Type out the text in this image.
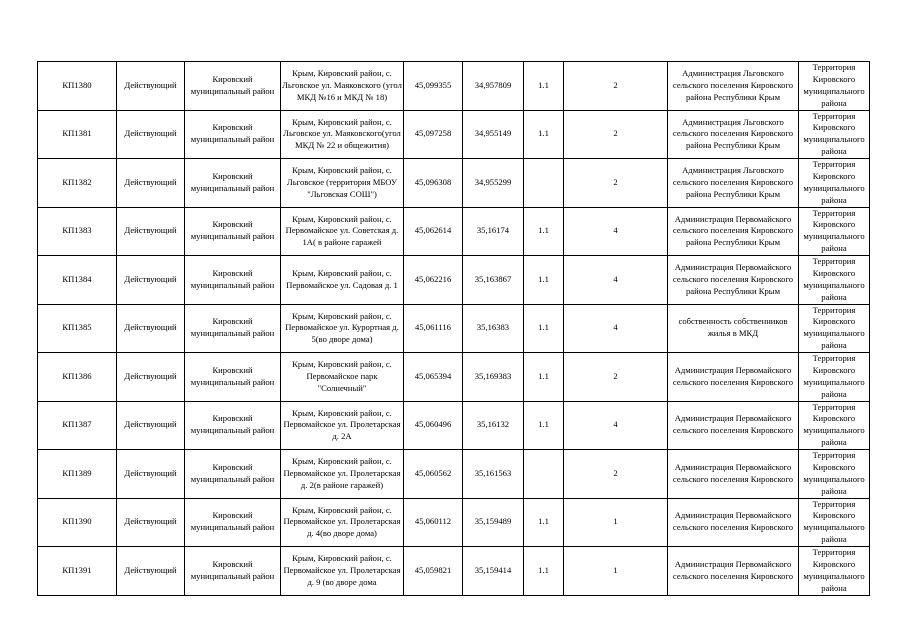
КП1380	Действующий	Кировский муниципальный район	Крым, Кировский район, с. Льговское ул. Маяковского (угол МКД №16 и МКД № 18)	45,099355	34,957809	1.1	2	Администрация Льговского сельского поселения Кировского района Республики Крым	Территория Кировского муниципального района
КП1381	Действующий	Кировский муниципальный район	Крым, Кировский район, с. Льговское ул. Маяковского(угол МКД № 22 и общежития)	45,097258	34,955149	1.1	2	Администрация Льговского сельского поселения Кировского района Республики Крым	Территория Кировского муниципального района
КП1382	Действующий	Кировский муниципальный район	Крым, Кировский район, с. Льговское (территория МБОУ "Льговская СОШ")	45,096308	34,955299		2	Администрация Льговского сельского поселения Кировского района Республики Крым	Территория Кировского муниципального района
КП1383	Действующий	Кировский муниципальный район	Крым, Кировский район, с. Первомайское ул. Советская д. 1А( в районе гаражей	45,062614	35,16174	1.1	4	Администрация Первомайского сельского поселения Кировского района Республики Крым	Территория Кировского муниципального района
КП1384	Действующий	Кировский муниципальный район	Крым, Кировский район, с. Первомайское ул. Садовая д. 1	45,062216	35,163867	1.1	4	Администрация Первомайского сельского поселения Кировского района Республики Крым	Территория Кировского муниципального района
КП1385	Действующий	Кировский муниципальный район	Крым, Кировский район, с. Первомайское ул. Курортная д. 5(во дворе дома)	45,061116	35,16383	1.1	4	собственность собственников жилья в МКД	Территория Кировского муниципального района
КП1386	Действующий	Кировский муниципальный район	Крым, Кировский район, с. Первомайское парк "Солнечный"	45,065394	35,169383	1.1	2	Администрация Первомайского сельского поселения Кировского	Территория Кировского муниципального района
КП1387	Действующий	Кировский муниципальный район	Крым, Кировский район, с. Первомайское ул. Пролетарская д. 2А	45,060496	35,16132	1.1	4	Администрация Первомайского сельского поселения Кировского	Территория Кировского муниципального района
КП1389	Действующий	Кировский муниципальный район	Крым, Кировский район, с. Первомайское ул. Пролетарская д. 2(в районе гаражей)	45,060562	35,161563		2	Администрация Первомайского сельского поселения Кировского	Территория Кировского муниципального района
КП1390	Действующий	Кировский муниципальный район	Крым, Кировский район, с. Первомайское ул. Пролетарская д. 4(во дворе дома)	45,060112	35,159489	1.1	1	Администрация Первомайского сельского поселения Кировского	Территория Кировского муниципального района
КП1391	Действующий	Кировский муниципальный район	Крым, Кировский район, с. Первомайское ул. Пролетарская д. 9 (во дворе дома	45,059821	35,159414	1.1	1	Администрация Первомайского сельского поселения Кировского	Территория Кировского муниципального района
